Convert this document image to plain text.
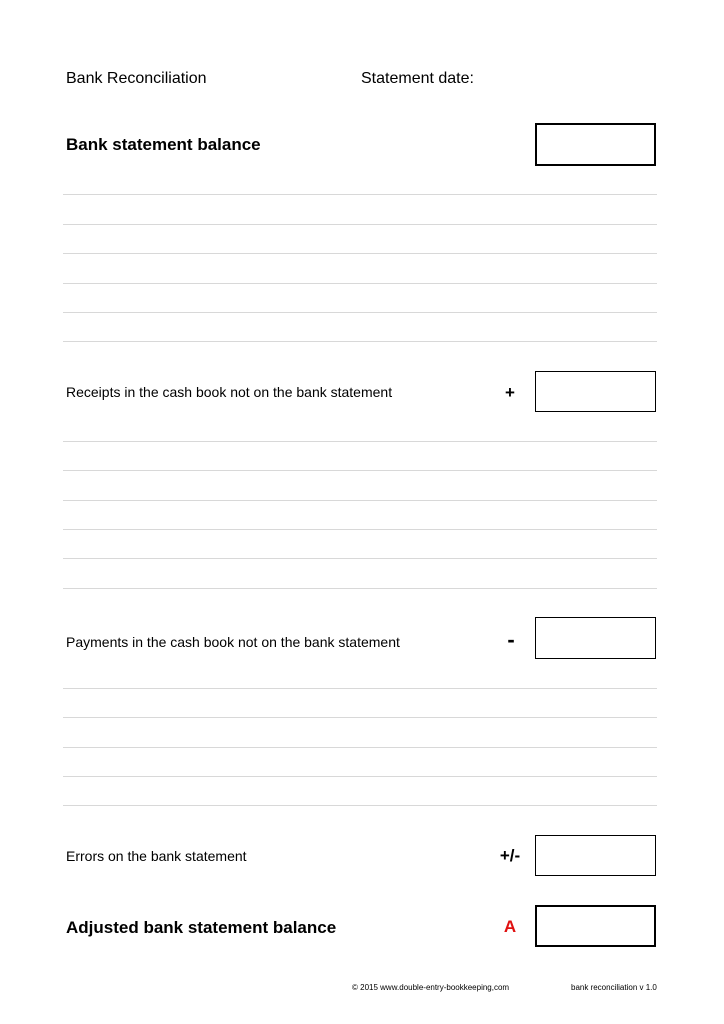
Bank Reconciliation	Statement date:
Bank statement balance
Receipts in the cash book not on the bank statement	+
Payments in the cash book not on the bank statement	-
Errors on the bank statement	+/-
Adjusted bank statement balance	A
© 2015 www.double-entry-bookkeeping,com	bank reconciliation v 1.0
